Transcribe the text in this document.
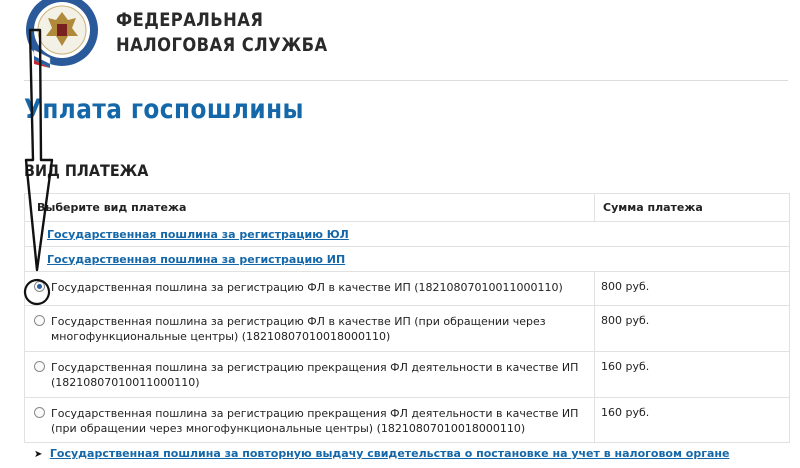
ФЕДЕРАЛЬНАЯ
НАЛОГОВАЯ СЛУЖБА
Уплата госпошлины
ВИД ПЛАТЕЖА
Выберите вид платежа	Сумма платежа
Государственная пошлина за регистрацию ЮЛ	
Государственная пошлина за регистрацию ИП	

Государственная пошлина за регистрацию ФЛ в качестве ИП (18210807010011000110)	800 руб.

Государственная пошлина за регистрацию ФЛ в качестве ИП (при обращении через многофункциональные центры) (18210807010018000110)	800 руб.

Государственная пошлина за регистрацию прекращения ФЛ деятельности в качестве ИП (18210807010011000110)	160 руб.

Государственная пошлина за регистрацию прекращения ФЛ деятельности в качестве ИП (при обращении через многофункциональные центры) (18210807010018000110)	160 руб.
➤ Государственная пошлина за повторную выдачу свидетельства о постановке на учет в налоговом органе
